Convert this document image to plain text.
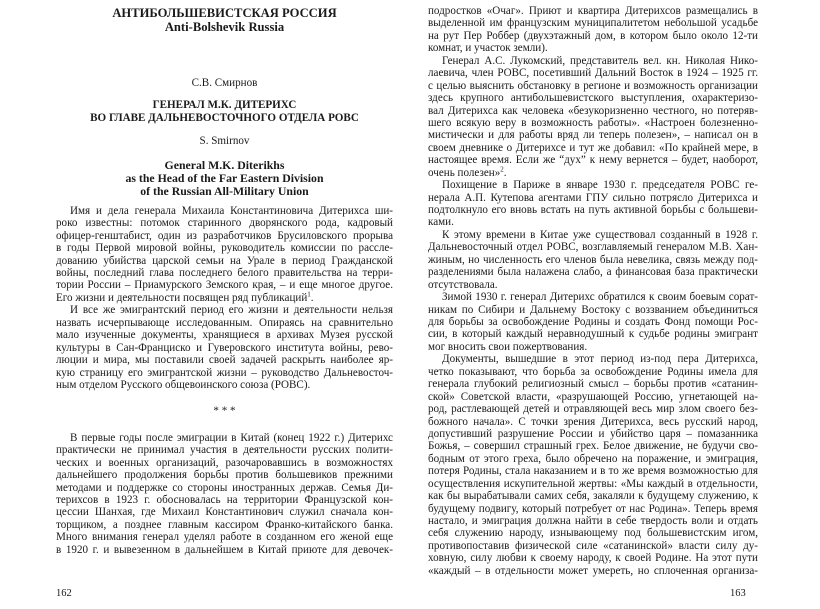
АНТИБОЛЬШЕВИСТСКАЯ РОССИЯ
Anti-Bolshevik Russia
С.В. Смирнов
ГЕНЕРАЛ М.К. ДИТЕРИХС
ВО ГЛАВЕ ДАЛЬНЕВОСТОЧНОГО ОТДЕЛА РОВС
S. Smirnov
General M.K. Diterikhs
as the Head of the Far Eastern Division
of the Russian All-Military Union
Имя и дела генерала Михаила Константиновича Дитерихса ши-
роко известны: потомок старинного дворянского рода, кадровый
офицер-генштабист, один из разработчиков Брусиловского прорыва
в годы Первой мировой войны, руководитель комиссии по рассле-
дованию убийства царской семьи на Урале в период Гражданской
войны, последний глава последнего белого правительства на терри-
тории России – Приамурского Земского края, – и еще многое другое.
Его жизни и деятельности посвящен ряд публикаций$^1$.
И все же эмигрантский период его жизни и деятельности нельзя
назвать исчерпывающе исследованным. Опираясь на сравнительно
мало изученные документы, хранящиеся в архивах Музея русской
культуры в Сан-Франциско и Гуверовского института войны, рево-
люции и мира, мы поставили своей задачей раскрыть наиболее яр-
кую страницу его эмигрантской жизни – руководство Дальневосточ-
ным отделом Русского общевоинского союза (РОВС).
* * *
В первые годы после эмиграции в Китай (конец 1922 г.) Дитерихс
практически не принимал участия в деятельности русских полити-
ческих и военных организаций, разочаровавшись в возможностях
дальнейшего продолжения борьбы против большевиков прежними
методами и поддержке со стороны иностранных держав. Семья Ди-
терихсов в 1923 г. обосновалась на территории Французской кон-
цессии Шанхая, где Михаил Константинович служил сначала кон-
торщиком, а позднее главным кассиром Франко-китайского банка.
Много внимания генерал уделял работе в созданном его женой еще
в 1920 г. и вывезенном в дальнейшем в Китай приюте для девочек-
162
подростков «Очаг». Приют и квартира Дитерихсов размещались в
выделенной им французским муниципалитетом небольшой усадьбе
на рут Пер Роббер (двухэтажный дом, в котором было около 12-ти
комнат, и участок земли).
Генерал А.С. Лукомский, представитель вел. кн. Николая Нико-
лаевича, член РОВС, посетивший Дальний Восток в 1924 – 1925 гг.
с целью выяснить обстановку в регионе и возможность организации
здесь крупного антибольшевистского выступления, охарактеризо-
вал Дитерихса как человека «безукоризненно честного, но потеряв-
шего всякую веру в возможность работы». «Настроен болезненно-
мистически и для работы вряд ли теперь полезен», – написал он в
своем дневнике о Дитерихсе и тут же добавил: «По крайней мере, в
настоящее время. Если же “дух” к нему вернется – будет, наоборот,
очень полезен»$^2$.
Похищение в Париже в январе 1930 г. председателя РОВС ге-
нерала А.П. Кутепова агентами ГПУ сильно потрясло Дитерихса и
подтолкнуло его вновь встать на путь активной борьбы с большеви-
ками.
К этому времени в Китае уже существовал созданный в 1928 г.
Дальневосточный отдел РОВС, возглавляемый генералом М.В. Хан-
жиным, но численность его членов была невелика, связь между под-
разделениями была налажена слабо, а финансовая база практически
отсутствовала.
Зимой 1930 г. генерал Дитерихс обратился к своим боевым сорат-
никам по Сибири и Дальнему Востоку с воззванием объединиться
для борьбы за освобождение Родины и создать Фонд помощи Рос-
сии, в который каждый неравнодушный к судьбе родины эмигрант
мог вносить свои пожертвования.
Документы, вышедшие в этот период из-под пера Дитерихса,
четко показывают, что борьба за освобождение Родины имела для
генерала глубокий религиозный смысл – борьбы против «сатанин-
ской» Советской власти, «разрушающей Россию, угнетающей на-
род, растлевающей детей и отравляющей весь мир злом своего без-
божного начала». С точки зрения Дитерихса, весь русский народ,
допустивший разрушение России и убийство царя – помазанника
Божья, – совершил страшный грех. Белое движение, не будучи сво-
бодным от этого греха, было обречено на поражение, и эмиграция,
потеря Родины, стала наказанием и в то же время возможностью для
осуществления искупительной жертвы: «Мы каждый в отдельности,
как бы вырабатывали самих себя, закаляли к будущему служению, к
будущему подвигу, который потребует от нас Родина». Теперь время
настало, и эмиграция должна найти в себе твердость воли и отдать
себя служению народу, изнывающему под большевистским игом,
противопоставив физической силе «сатанинской» власти силу ду-
ховную, силу любви к своему народу, к своей Родине. На этот пути
«каждый – в отдельности может умереть, но сплоченная организа-
163
